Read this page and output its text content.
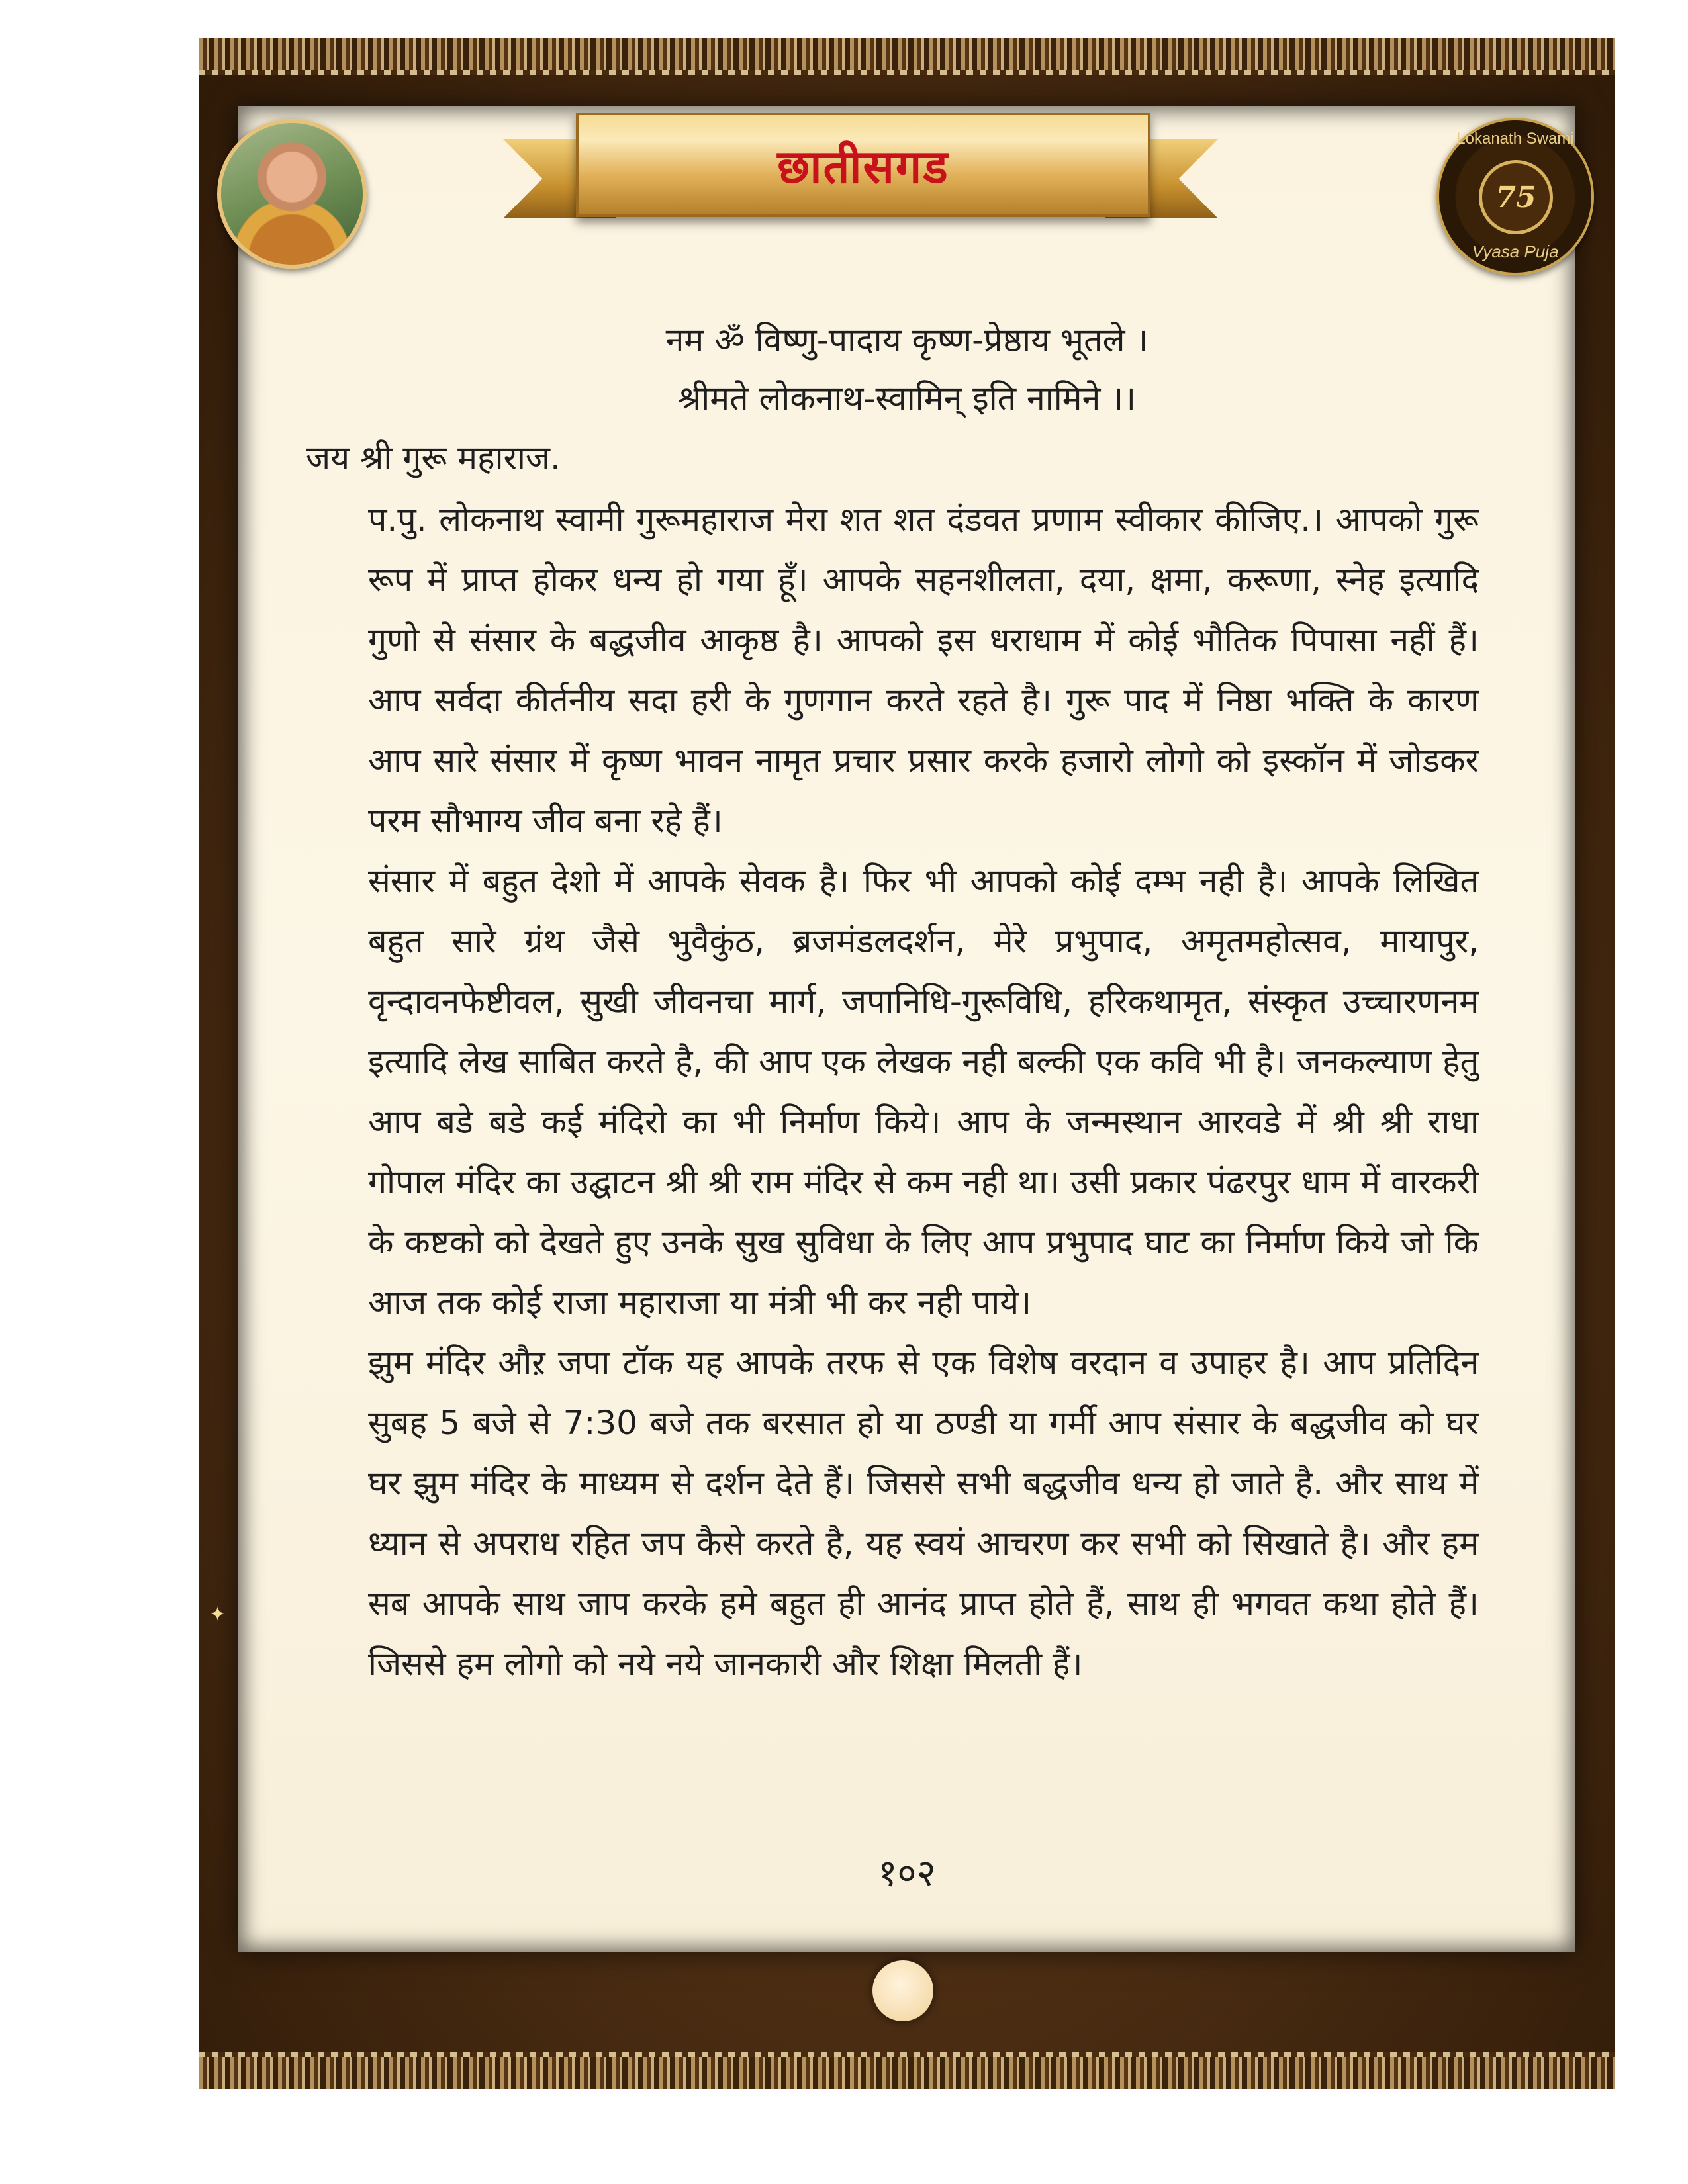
छातीसगड
Lokanath Swami
75
Vyasa Puja
नम ॐ विष्णु-पादाय कृष्ण-प्रेष्ठाय भूतले ।
श्रीमते लोकनाथ-स्वामिन् इति नामिने ।।
जय श्री गुरू महाराज.

प.पु. लोकनाथ स्वामी गुरूमहाराज मेरा शत शत दंडवत प्रणाम स्वीकार कीजिए.। आपको गुरू रूप में प्राप्त होकर धन्य हो गया हूँ। आपके सहनशीलता, दया, क्षमा, करूणा, स्नेह इत्यादि गुणो से संसार के बद्धजीव आकृष्ठ है। आपको इस धराधाम में कोई भौतिक पिपासा नहीं हैं। आप सर्वदा कीर्तनीय सदा हरी के गुणगान करते रहते है। गुरू पाद में निष्ठा भक्ति के कारण आप सारे संसार में कृष्ण भावन नामृत प्रचार प्रसार करके हजारो लोगो को इस्कॉन में जोडकर परम सौभाग्य जीव बना रहे हैं।

संसार में बहुत देशो में आपके सेवक है। फिर भी आपको कोई दम्भ नही है। आपके लिखित बहुत सारे ग्रंथ जैसे भुवैकुंठ, ब्रजमंडलदर्शन, मेरे प्रभुपाद, अमृतमहोत्सव, मायापुर, वृन्दावनफेष्टीवल, सुखी जीवनचा मार्ग, जपानिधि-गुरूविधि, हरिकथामृत, संस्कृत उच्चारणनम इत्यादि लेख साबित करते है, की आप एक लेखक नही बल्की एक कवि भी है। जनकल्याण हेतु आप बडे बडे कई मंदिरो का भी निर्माण किये। आप के जन्मस्थान आरवडे में श्री श्री राधा गोपाल मंदिर का उद्घाटन श्री श्री राम मंदिर से कम नही था। उसी प्रकार पंढरपुर धाम में वारकरी के कष्टको को देखते हुए उनके सुख सुविधा के लिए आप प्रभुपाद घाट का निर्माण किये जो कि आज तक कोई राजा महाराजा या मंत्री भी कर नही पाये।

झुम मंदिर औऱ जपा टॉक यह आपके तरफ से एक विशेष वरदान व उपाहर है। आप प्रतिदिन सुबह 5 बजे से 7:30 बजे तक बरसात हो या ठण्डी या गर्मी आप संसार के बद्धजीव को घर घर झुम मंदिर के माध्यम से दर्शन देते हैं। जिससे सभी बद्धजीव धन्य हो जाते है. और साथ में ध्यान से अपराध रहित जप कैसे करते है, यह स्वयं आचरण कर सभी को सिखाते है। और हम सब आपके साथ जाप करके हमे बहुत ही आनंद प्राप्त होते हैं, साथ ही भगवत कथा होते हैं। जिससे हम लोगो को नये नये जानकारी और शिक्षा मिलती हैं।

१०२
✦
